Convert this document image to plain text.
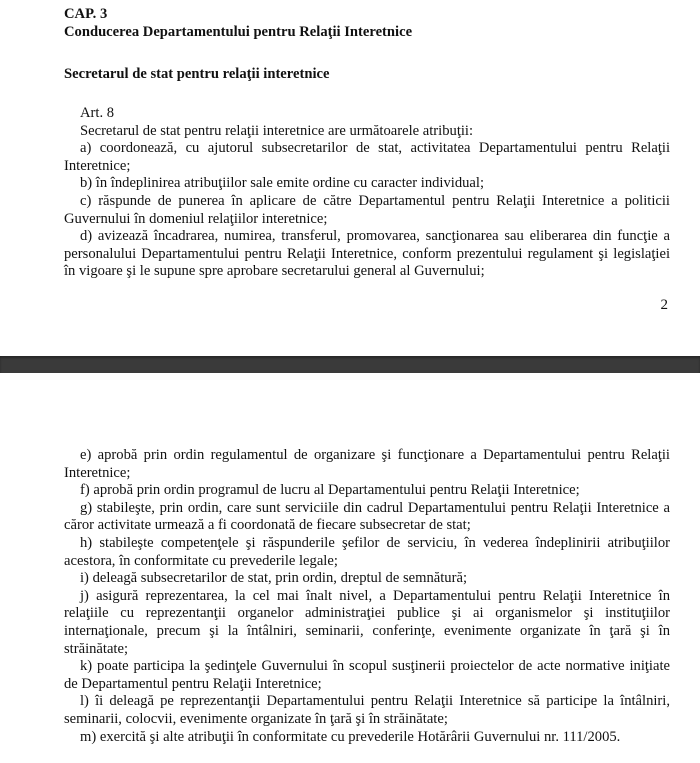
CAP. 3

Conducerea Departamentului pentru Relaţii Interetnice

Secretarul de stat pentru relaţii interetnice

Art. 8

Secretarul de stat pentru relaţii interetnice are următoarele atribuţii:

a) coordonează, cu ajutorul subsecretarilor de stat, activitatea Departamentului pentru Relaţii Interetnice;

b) în îndeplinirea atribuţiilor sale emite ordine cu caracter individual;

c) răspunde de punerea în aplicare de către Departamentul pentru Relaţii Interetnice a politicii Guvernului în domeniul relaţiilor interetnice;

d) avizează încadrarea, numirea, transferul, promovarea, sancţionarea sau eliberarea din funcţie a personalului Departamentului pentru Relaţii Interetnice, conform prezentului regulament şi legislaţiei în vigoare şi le supune spre aprobare secretarului general al Guvernului;

2

e) aprobă prin ordin regulamentul de organizare şi funcţionare a Departamentului pentru Relaţii Interetnice;

f) aprobă prin ordin programul de lucru al Departamentului pentru Relaţii Interetnice;

g) stabileşte, prin ordin, care sunt serviciile din cadrul Departamentului pentru Relaţii Interetnice a căror activitate urmează a fi coordonată de fiecare subsecretar de stat;

h) stabileşte competenţele şi răspunderile şefilor de serviciu, în vederea îndeplinirii atribuţiilor acestora, în conformitate cu prevederile legale;

i) deleagă subsecretarilor de stat, prin ordin, dreptul de semnătură;

j) asigură reprezentarea, la cel mai înalt nivel, a Departamentului pentru Relaţii Interetnice în relaţiile cu reprezentanţii organelor administraţiei publice şi ai organismelor şi instituţiilor internaţionale, precum şi la întâlniri, seminarii, conferinţe, evenimente organizate în ţară şi în străinătate;

k) poate participa la şedinţele Guvernului în scopul susţinerii proiectelor de acte normative iniţiate de Departamentul pentru Relaţii Interetnice;

l) îi deleagă pe reprezentanţii Departamentului pentru Relaţii Interetnice să participe la întâlniri, seminarii, colocvii, evenimente organizate în ţară şi în străinătate;

m) exercită şi alte atribuţii în conformitate cu prevederile Hotărârii Guvernului nr. 111/2005.
